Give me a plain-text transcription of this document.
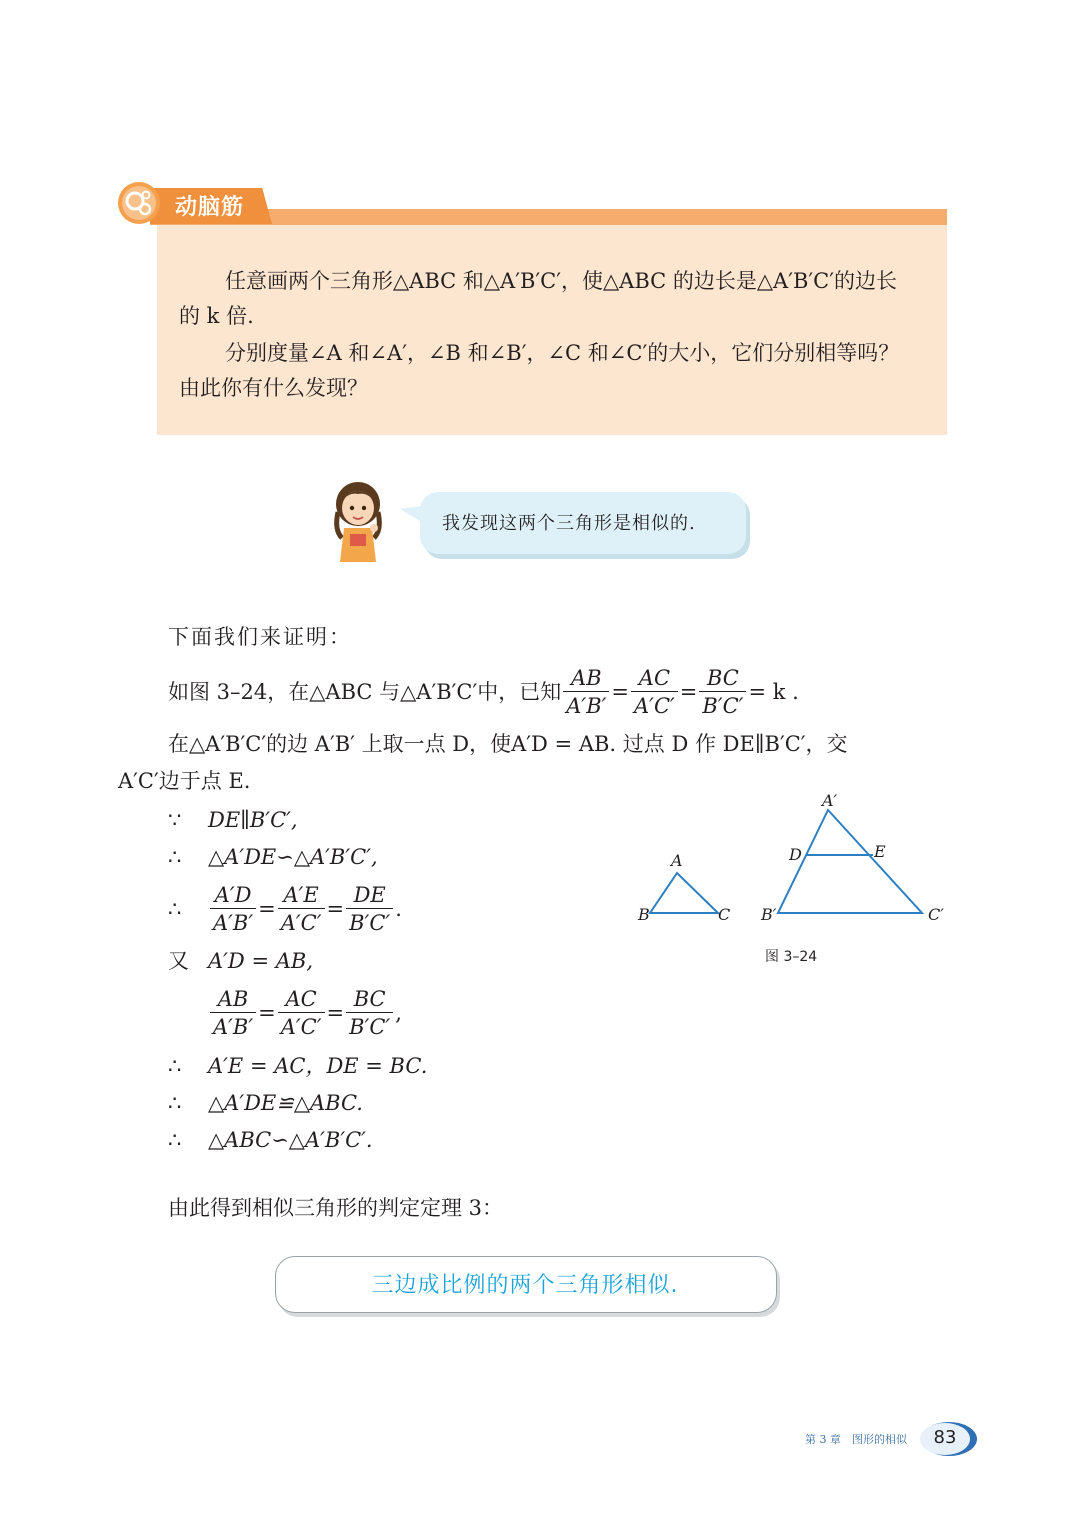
动脑筋
任意画两个三角形△ABC 和△A′B′C′，使△ABC 的边长是△A′B′C′的边长
的 k 倍.
分别度量∠A 和∠A′，∠B 和∠B′，∠C 和∠C′的大小，它们分别相等吗？
由此你有什么发现？
我发现这两个三角形是相似的.
下面我们来证明：
如图 3–24，在△ABC 与△A′B′C′中，已知 $\frac{AB}{A'B'} = \frac{AC}{A'C'} = \frac{BC}{B'C'} = k$ .
在△A′B′C′的边 A′B′ 上取一点 D，使A′D = AB. 过点 D 作 DE∥B′C′，交
A′C′边于点 E.
∵ DE∥B′C′,
∴ △A′DE∽△A′B′C′,
∴	$\frac{A'D}{A'B'} = \frac{A'E}{A'C'} = \frac{DE}{B'C'}$ .
又 A′D = AB,
$\frac{AB}{A'B'} = \frac{AC}{A'C'} = \frac{BC}{B'C'}$ ,
∴ A′E = AC，DE = BC.
∴ △A′DE≌△ABC.
∴ △ABC∽△A′B′C′.
由此得到相似三角形的判定定理 3：
A
B	C
A′
B′	C′
D	E
图 3–24
三边成比例的两个三角形相似.
第 3 章 图形的相似	83
